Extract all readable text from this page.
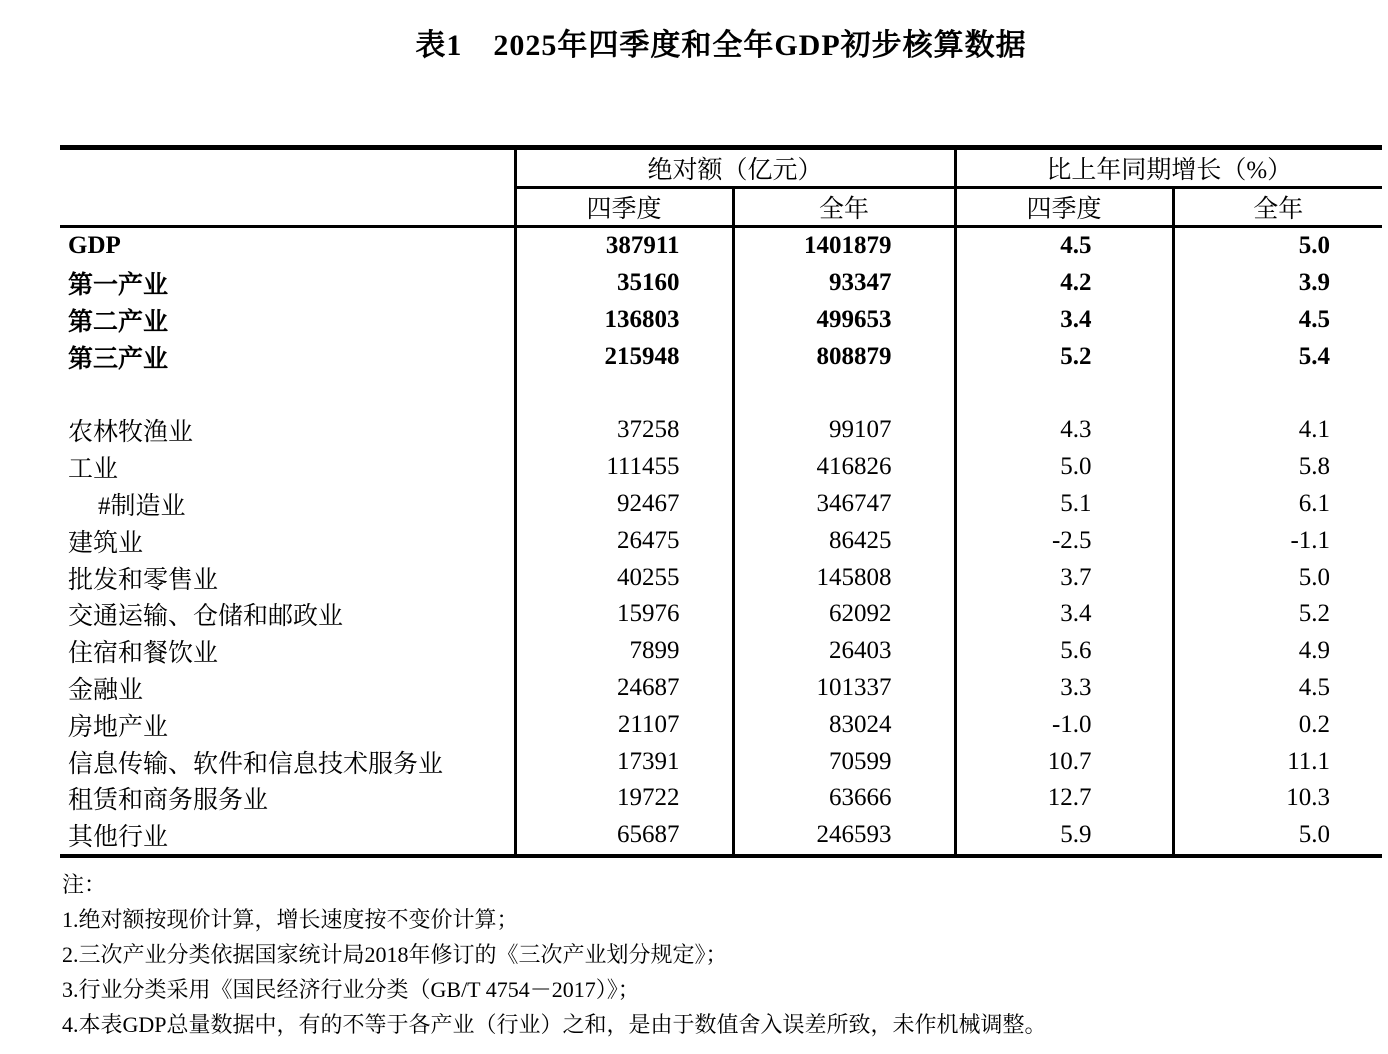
表1　2025年四季度和全年GDP初步核算数据
	绝对额（亿元）		比上年同期增长（%）	
	四季度	全年	四季度	全年
GDP	387911	1401879	4.5	5.0
第一产业	35160	93347	4.2	3.9
第二产业	136803	499653	3.4	4.5
第三产业	215948	808879	5.2	5.4

农林牧渔业	37258	99107	4.3	4.1
工业	111455	416826	5.0	5.8
#制造业	92467	346747	5.1	6.1
建筑业	26475	86425	-2.5	-1.1
批发和零售业	40255	145808	3.7	5.0
交通运输、仓储和邮政业	15976	62092	3.4	5.2
住宿和餐饮业	7899	26403	5.6	4.9
金融业	24687	101337	3.3	4.5
房地产业	21107	83024	-1.0	0.2
信息传输、软件和信息技术服务业	17391	70599	10.7	11.1
租赁和商务服务业	19722	63666	12.7	10.3
其他行业	65687	246593	5.9	5.0
注：
1.绝对额按现价计算，增长速度按不变价计算；
2.三次产业分类依据国家统计局2018年修订的《三次产业划分规定》；
3.行业分类采用《国民经济行业分类（GB/T 4754－2017）》；
4.本表GDP总量数据中，有的不等于各产业（行业）之和，是由于数值舍入误差所致，未作机械调整。
